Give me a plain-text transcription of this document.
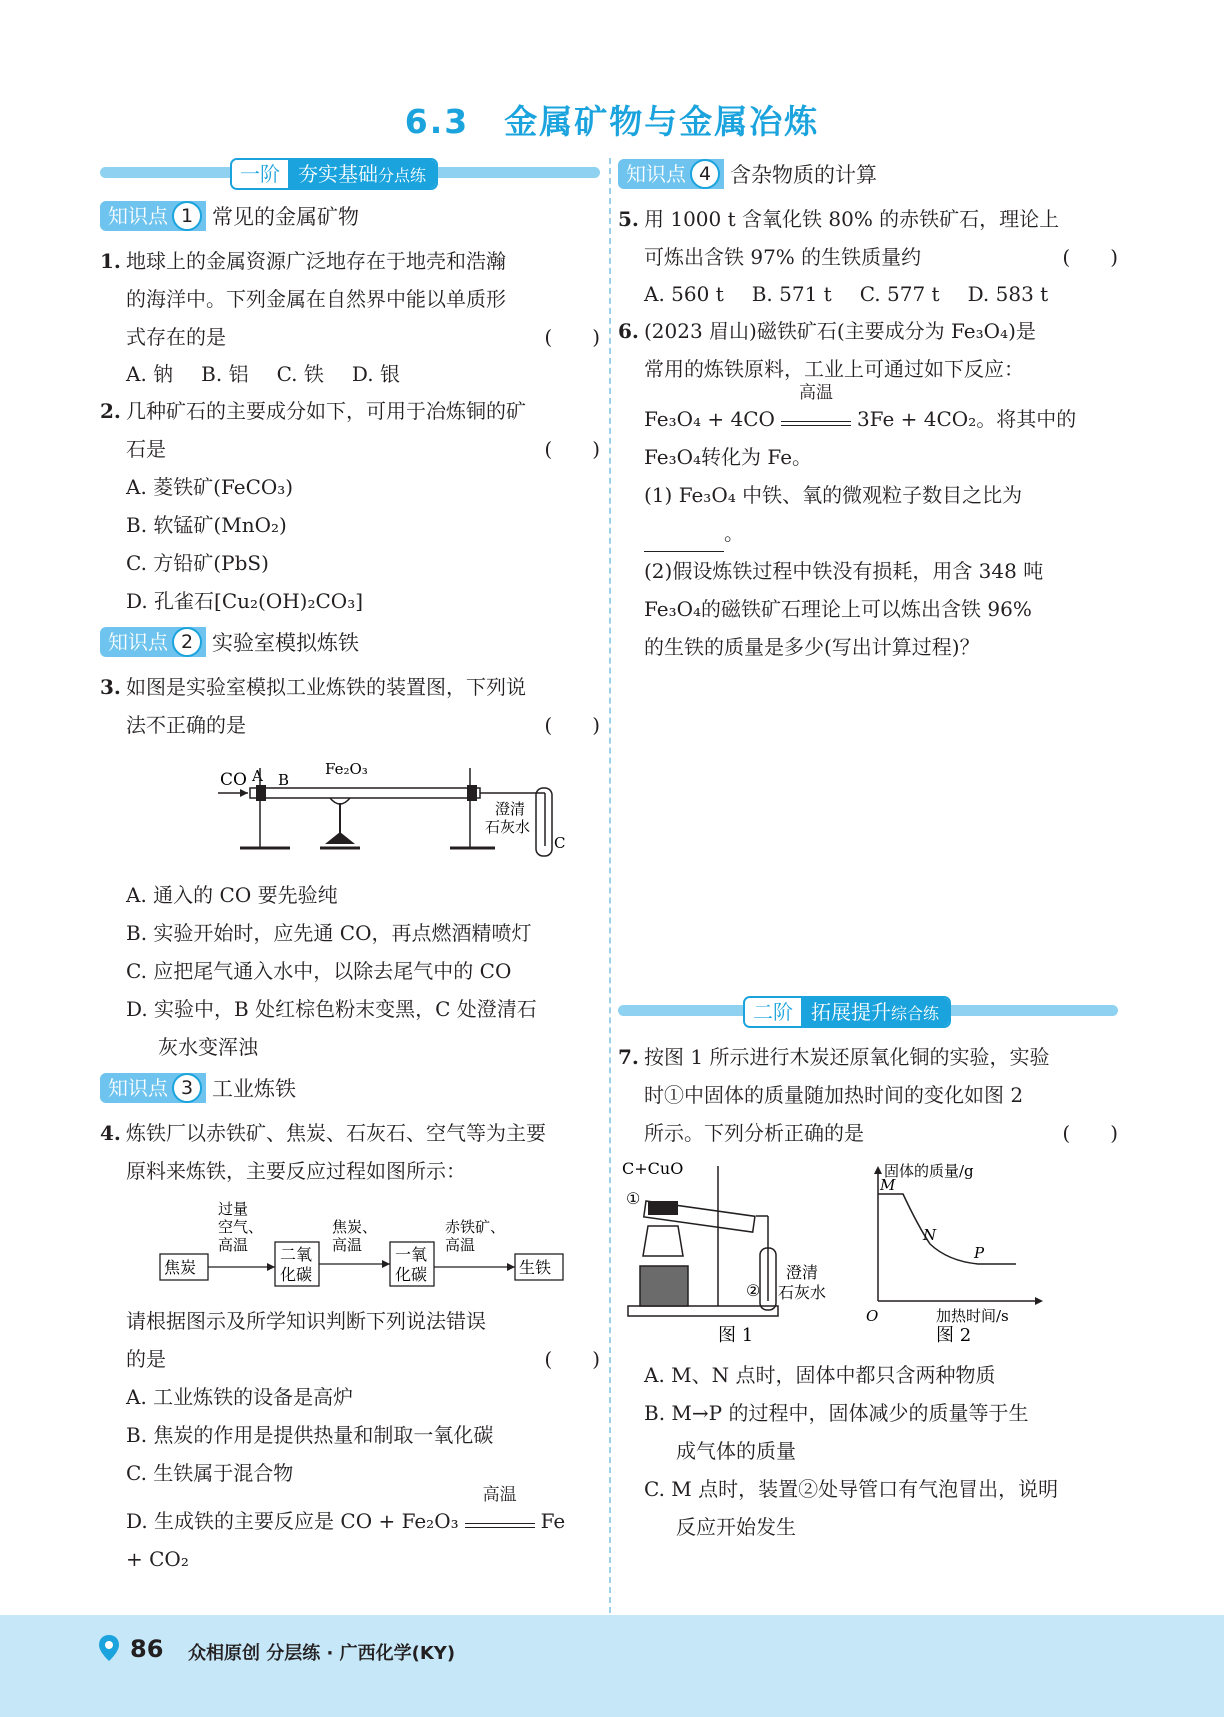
6.3　金属矿物与金属冶炼
一阶 夯实基础分点练
知识点 1 常见的金属矿物
1. 地球上的金属资源广泛地存在于地壳和浩瀚
的海洋中。下列金属在自然界中能以单质形
式存在的是	(　　)
A. 钠 B. 铝 C. 铁 D. 银
2. 几种矿石的主要成分如下，可用于冶炼铜的矿
石是	(　　)
A. 菱铁矿(FeCO₃)
B. 软锰矿(MnO₂)
C. 方铅矿(PbS)
D. 孔雀石[Cu₂(OH)₂CO₃]
知识点 2 实验室模拟炼铁
3. 如图是实验室模拟工业炼铁的装置图，下列说
法不正确的是	(　　)
CO A B
Fe₂O₃
澄清
石灰水
C
A. 通入的 CO 要先验纯
B. 实验开始时，应先通 CO，再点燃酒精喷灯
C. 应把尾气通入水中，以除去尾气中的 CO
D. 实验中，B 处红棕色粉末变黑，C 处澄清石
灰水变浑浊
知识点 3 工业炼铁
4. 炼铁厂以赤铁矿、焦炭、石灰石、空气等为主要
原料来炼铁，主要反应过程如图所示：
过量
空气、
高温
焦炭、
高温
赤铁矿、
高温
焦炭
二氧
化碳
一氧
化碳	生铁
请根据图示及所学知识判断下列说法错误
的是	(　　)
A. 工业炼铁的设备是高炉
B. 焦炭的作用是提供热量和制取一氧化碳
C. 生铁属于混合物
D. 生成铁的主要反应是 CO + Fe₂O₃
高温
Fe
+ CO₂
知识点 4 含杂物质的计算
5. 用 1000 t 含氧化铁 80% 的赤铁矿石，理论上
可炼出含铁 97% 的生铁质量约	(　　)
A. 560 t B. 571 t C. 577 t D. 583 t
6. (2023 眉山)磁铁矿石(主要成分为 Fe₃O₄)是
常用的炼铁原料，工业上可通过如下反应：
Fe₃O₄ + 4CO
高温
3Fe + 4CO₂。将其中的
Fe₃O₄转化为 Fe。
(1) Fe₃O₄ 中铁、氧的微观粒子数目之比为
。
(2)假设炼铁过程中铁没有损耗，用含 348 吨
Fe₃O₄的磁铁矿石理论上可以炼出含铁 96%
的生铁的质量是多少(写出计算过程)？
二阶 拓展提升综合练
7. 按图 1 所示进行木炭还原氧化铜的实验，实验
时①中固体的质量随加热时间的变化如图 2
所示。下列分析正确的是	(　　)
C+CuO
①
②
澄清
石灰水
图 1
固体的质量/g
加热时间/s
O
M
N
P
图 2
A. M、N 点时，固体中都只含两种物质
B. M→P 的过程中，固体减少的质量等于生
成气体的质量
C. M 点时，装置②处导管口有气泡冒出，说明
反应开始发生
86 众相原创 分层练 · 广西化学(KY)
